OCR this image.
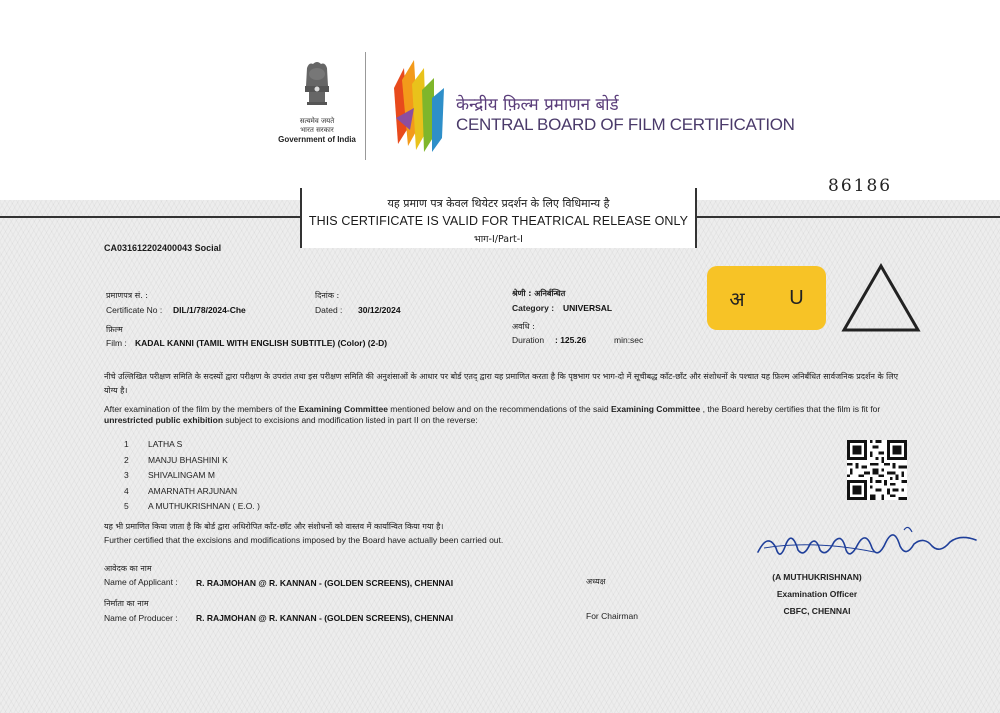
सत्यमेव जयते
भारत सरकार
Government of India
केन्द्रीय फ़िल्म प्रमाणन बोर्ड
CENTRAL BOARD OF FILM CERTIFICATION
86186
यह प्रमाण पत्र केवल थियेटर प्रदर्शन के लिए विधिमान्य है
THIS CERTIFICATE IS VALID FOR THEATRICAL RELEASE ONLY
भाग-I/Part-I
CA031612202400043 Social
प्रमाणपत्र सं. :
Certificate No : DIL/1/78/2024-Che
दिनांक :
Dated : 30/12/2024
श्रेणी : अनिर्बन्धित
Category : UNIVERSAL
फ़िल्म
Film : KADAL KANNI (TAMIL WITH ENGLISH SUBTITLE) (Color) (2-D)
अवधि :
Duration : 125.26	min:sec
अ U
नीचे उल्लिखित परीक्षण समिति के सदस्यों द्वारा परीक्षण के उपरांत तथा इस परीक्षण समिति की अनुशंसाओं के आधार पर बोर्ड एतद् द्वारा यह प्रमाणित करता है कि पृष्ठभाग पर भाग-दो में सूचीबद्ध काँट-छाँट और संशोधनों के पश्चात यह फ़िल्म अनिर्बंधित सार्वजनिक प्रदर्शन के लिए योग्य है।
After examination of the film by the members of the Examining Committee mentioned below and on the recommendations of the said Examining Committee , the Board hereby certifies that the film is fit for unrestricted public exhibition subject to excisions and modification listed in part II on the reverse:
1 LATHA S
2 MANJU BHASHINI K
3 SHIVALINGAM M
4 AMARNATH ARJUNAN
5 A MUTHUKRISHNAN ( E.O. )
यह भी प्रमाणित किया जाता है कि बोर्ड द्वारा अधिरोपित काँट-छाँट और संशोधनों को वास्तव में कार्यान्वित किया गया है।
Further certified that the excisions and modifications imposed by the Board have actually been carried out.
आवेदक का नाम
Name of Applicant : R. RAJMOHAN @ R. KANNAN - (GOLDEN SCREENS), CHENNAI
निर्माता का नाम
Name of Producer : R. RAJMOHAN @ R. KANNAN - (GOLDEN SCREENS), CHENNAI
अध्यक्ष
For Chairman
(A MUTHUKRISHNAN)
Examination Officer
CBFC, CHENNAI
